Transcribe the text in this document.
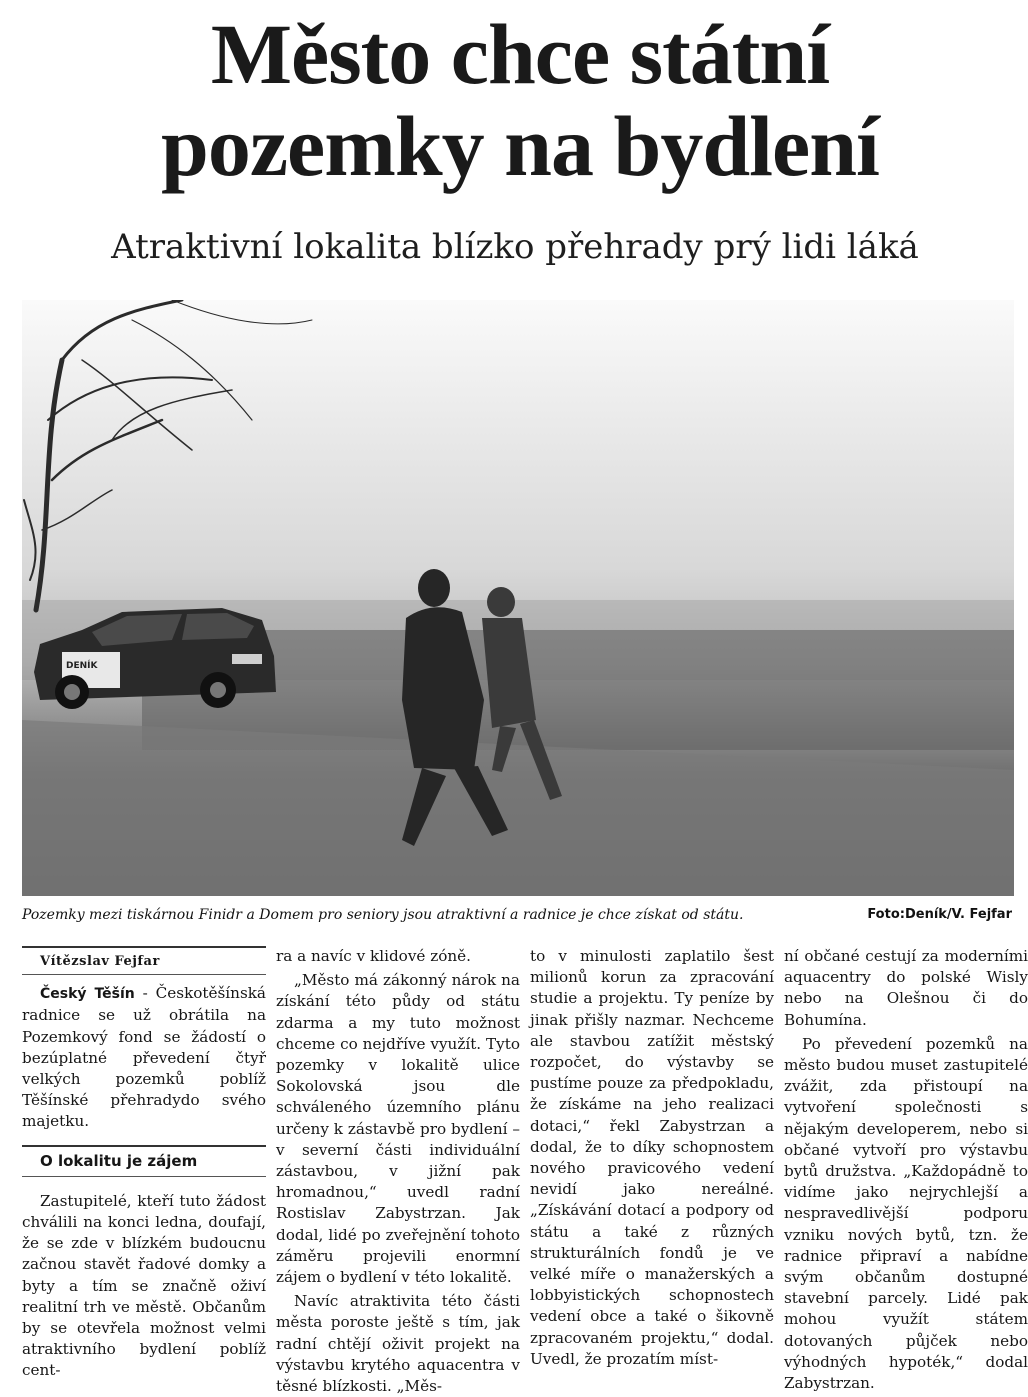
Město chce státní
pozemky na bydlení
Atraktivní lokalita blízko přehrady prý lidi láká
DENÍK
Pozemky mezi tiskárnou Finidr a Domem pro seniory jsou atraktivní a radnice je chce získat od státu.	Foto:Deník/V. Fejfar
Vítězslav Fejfar

Český Těšín - Českotěšínská radnice se už obrátila na Pozemkový fond se žádostí o bezúplatné převedení čtyř velkých pozemků poblíž Těšínské přehradydo svého majetku.

O lokalitu je zájem

Zastupitelé, kteří tuto žádost chválili na konci ledna, doufají, že se zde v blízkém budoucnu začnou stavět řadové domky a byty a tím se značně oživí realitní trh ve městě. Občanům by se otevřela možnost velmi atraktivního bydlení poblíž cent-

ra a navíc v klidové zóně.

„Město má zákonný nárok na získání této půdy od státu zdarma a my tuto možnost chceme co nejdříve využít. Tyto pozemky v lokalitě ulice Sokolovská jsou dle schváleného územního plánu určeny k zástavbě pro bydlení – v severní části individuální zástavbou, v jižní pak hromadnou,“ uvedl radní Rostislav Zabystrzan. Jak dodal, lidé po zveřejnění tohoto záměru projevili enormní zájem o bydlení v této lokalitě.

Navíc atraktivita této části města poroste ještě s tím, jak radní chtějí oživit projekt na výstavbu krytého aquacentra v těsné blízkosti. „Měs-

to v minulosti zaplatilo šest milionů korun za zpracování studie a projektu. Ty peníze by jinak přišly nazmar. Nechceme ale stavbou zatížit městský rozpočet, do výstavby se pustíme pouze za předpokladu, že získáme na jeho realizaci dotaci,“ řekl Zabystrzan a dodal, že to díky schopnostem nového pravicového vedení nevidí jako nereálné. „Získávání dotací a podpory od státu a také z různých strukturálních fondů je ve velké míře o manažerských a lobbyistických schopnostech vedení obce a také o šikovně zpracovaném projektu,“ dodal. Uvedl, že prozatím míst-

ní občané cestují za moderními aquacentry do polské Wisly nebo na Olešnou či do Bohumína.

Po převedení pozemků na město budou muset zastupitelé zvážit, zda přistoupí na vytvoření společnosti s nějakým developerem, nebo si občané vytvoří pro výstavbu bytů družstva. „Každopádně to vidíme jako nejrychlejší a nespravedlivější podporu vzniku nových bytů, tzn. že radnice připraví a nabídne svým občanům dostupné stavební parcely. Lidé pak mohou využít státem dotovaných půjček nebo výhodných hypoték,“ dodal Zabystrzan.
